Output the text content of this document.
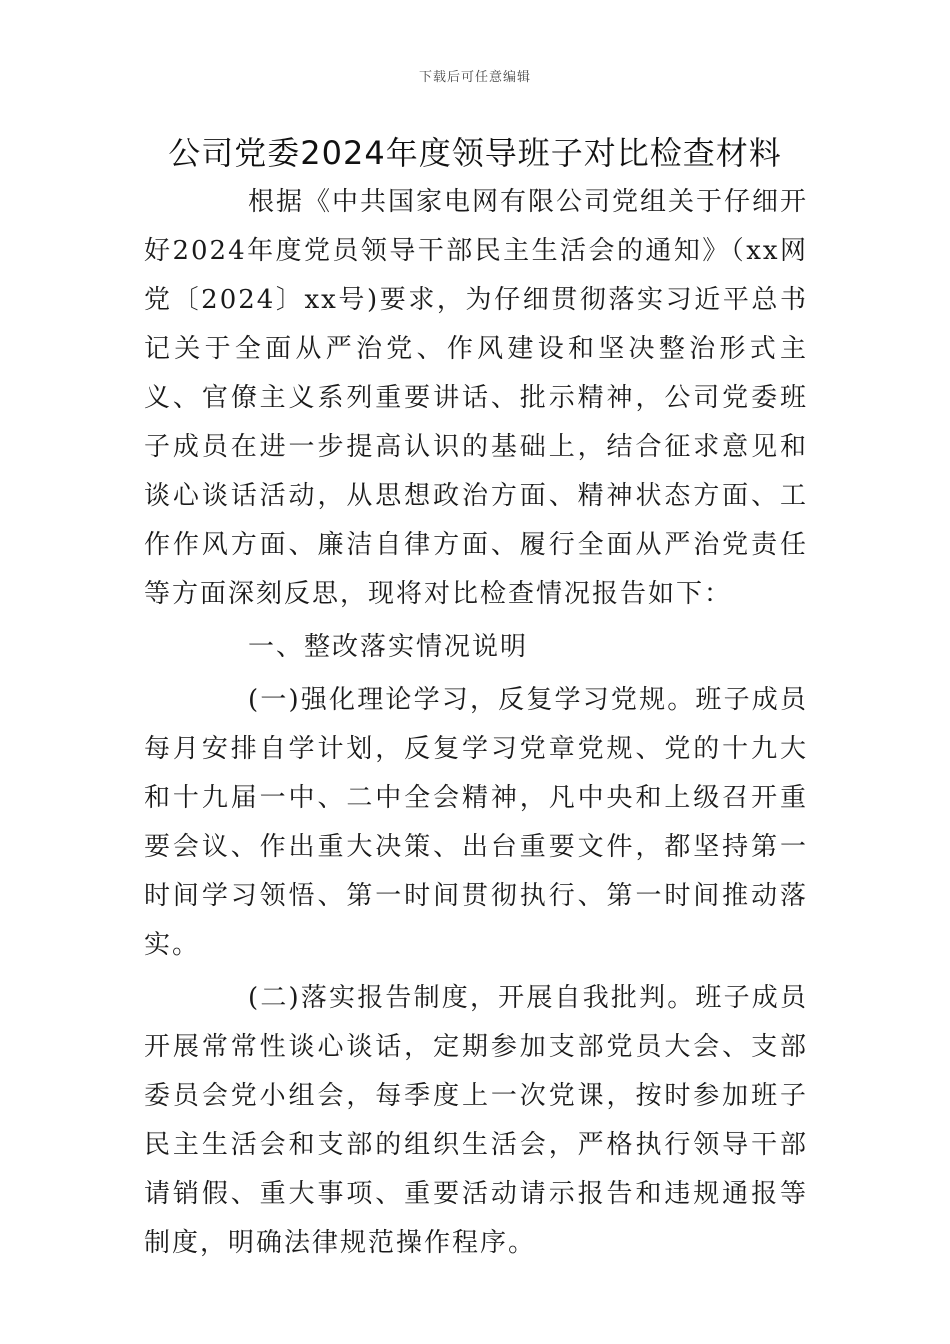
下载后可任意编辑
公司党委2024年度领导班子对比检查材料

根据《中共国家电网有限公司党组关于仔细开好2024年度党员领导干部民主生活会的通知》（xx网党〔2024〕xx号)要求，为仔细贯彻落实习近平总书记关于全面从严治党、作风建设和坚决整治形式主义、官僚主义系列重要讲话、批示精神，公司党委班子成员在进一步提高认识的基础上，结合征求意见和谈心谈话活动，从思想政治方面、精神状态方面、工作作风方面、廉洁自律方面、履行全面从严治党责任等方面深刻反思，现将对比检查情况报告如下：

一、整改落实情况说明

(一)强化理论学习，反复学习党规。班子成员每月安排自学计划，反复学习党章党规、党的十九大和十九届一中、二中全会精神，凡中央和上级召开重要会议、作出重大决策、出台重要文件，都坚持第一时间学习领悟、第一时间贯彻执行、第一时间推动落实。

(二)落实报告制度，开展自我批判。班子成员开展常常性谈心谈话，定期参加支部党员大会、支部委员会党小组会，每季度上一次党课，按时参加班子民主生活会和支部的组织生活会，严格执行领导干部请销假、重大事项、重要活动请示报告和违规通报等制度，明确法律规范操作程序。
